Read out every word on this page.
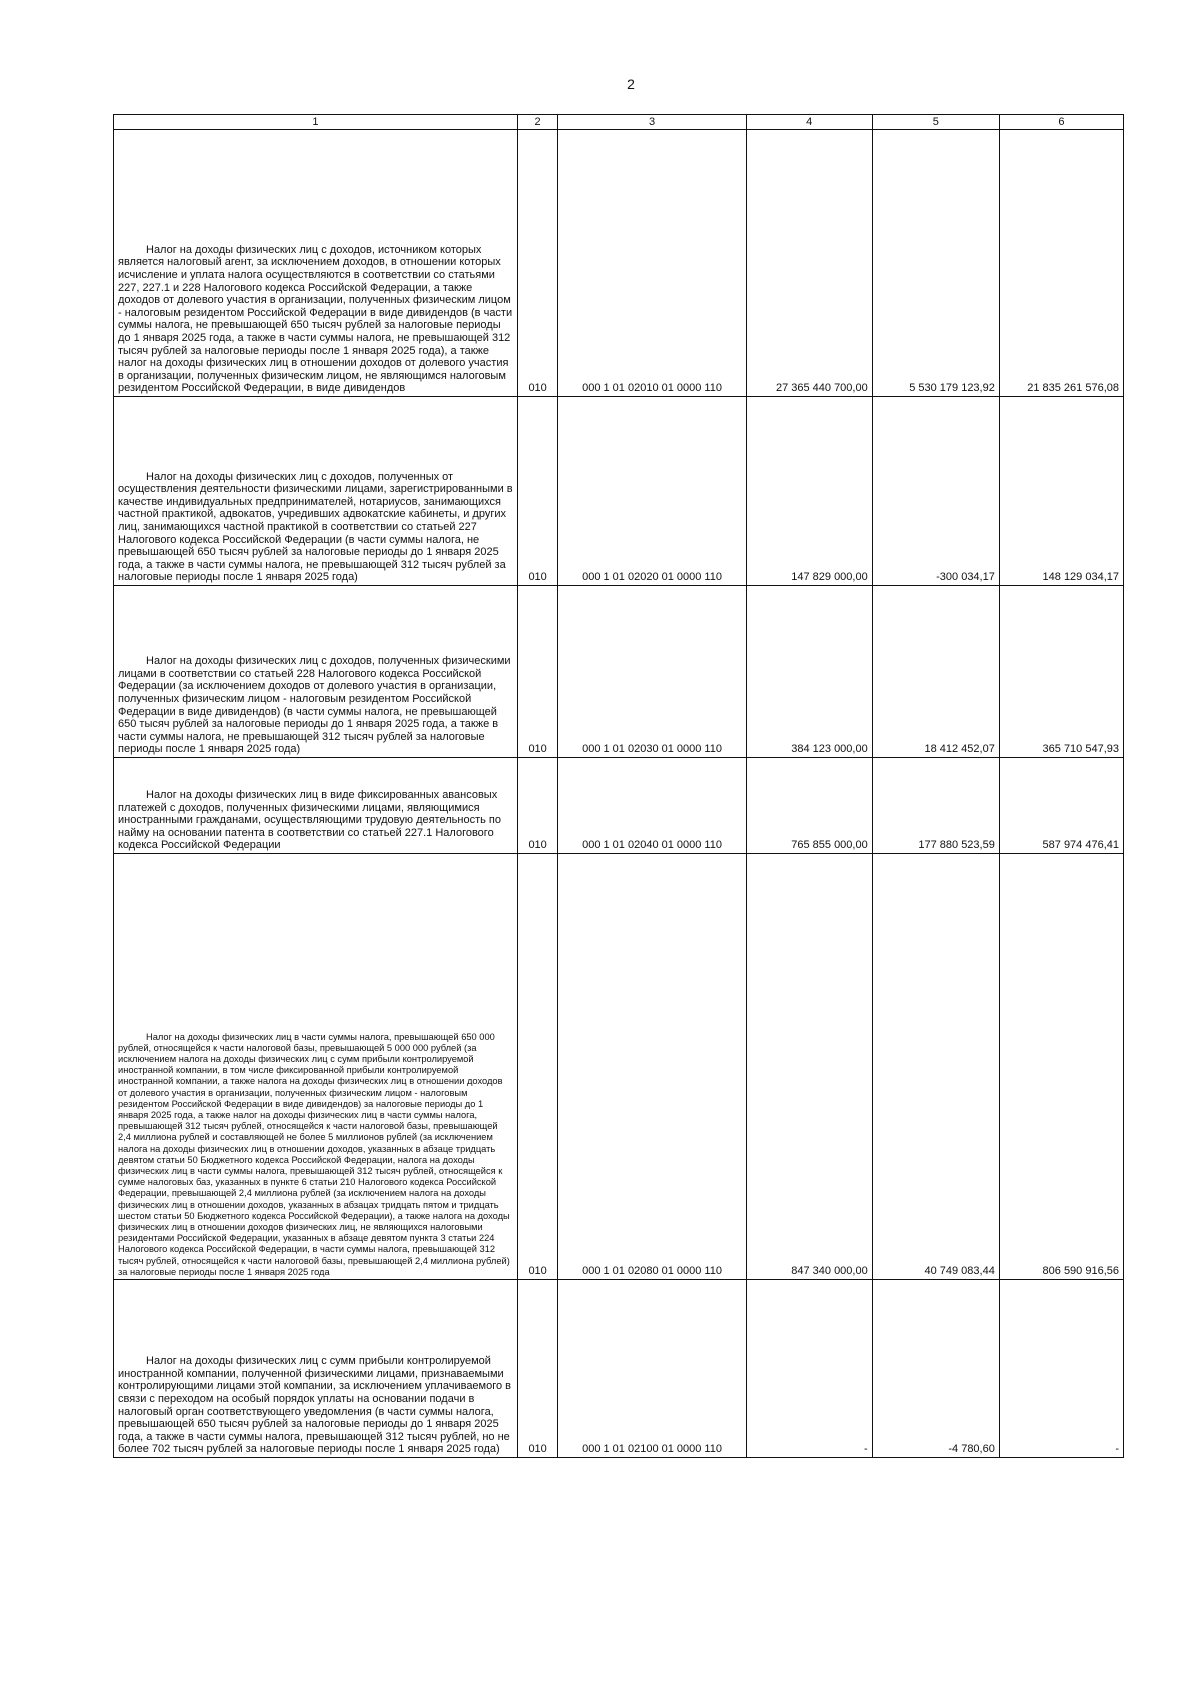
2
1	2	3	4	5	6
Налог на доходы физических лиц с доходов, источником которых является налоговый агент, за исключением доходов, в отношении которых исчисление и уплата налога осуществляются в соответствии со статьями 227, 227.1 и 228 Налогового кодекса Российской Федерации, а также доходов от долевого участия в организации, полученных физическим лицом - налоговым резидентом Российской Федерации в виде дивидендов (в части суммы налога, не превышающей 650 тысяч рублей за налоговые периоды до 1 января 2025 года, а также в части суммы налога, не превышающей 312 тысяч рублей за налоговые периоды после 1 января 2025 года), а также налог на доходы физических лиц в отношении доходов от долевого участия в организации, полученных физическим лицом, не являющимся налоговым резидентом Российской Федерации, в виде дивидендов	010	000 1 01 02010 01 0000 110	27 365 440 700,00	5 530 179 123,92	21 835 261 576,08
Налог на доходы физических лиц с доходов, полученных от осуществления деятельности физическими лицами, зарегистрированными в качестве индивидуальных предпринимателей, нотариусов, занимающихся частной практикой, адвокатов, учредивших адвокатские кабинеты, и других лиц, занимающихся частной практикой в соответствии со статьей 227 Налогового кодекса Российской Федерации (в части суммы налога, не превышающей 650 тысяч рублей за налоговые периоды до 1 января 2025 года, а также в части суммы налога, не превышающей 312 тысяч рублей за налоговые периоды после 1 января 2025 года)	010	000 1 01 02020 01 0000 110	147 829 000,00	-300 034,17	148 129 034,17
Налог на доходы физических лиц с доходов, полученных физическими лицами в соответствии со статьей 228 Налогового кодекса Российской Федерации (за исключением доходов от долевого участия в организации, полученных физическим лицом - налоговым резидентом Российской Федерации в виде дивидендов) (в части суммы налога, не превышающей 650 тысяч рублей за налоговые периоды до 1 января 2025 года, а также в части суммы налога, не превышающей 312 тысяч рублей за налоговые периоды после 1 января 2025 года)	010	000 1 01 02030 01 0000 110	384 123 000,00	18 412 452,07	365 710 547,93
Налог на доходы физических лиц в виде фиксированных авансовых платежей с доходов, полученных физическими лицами, являющимися иностранными гражданами, осуществляющими трудовую деятельность по найму на основании патента в соответствии со статьей 227.1 Налогового кодекса Российской Федерации	010	000 1 01 02040 01 0000 110	765 855 000,00	177 880 523,59	587 974 476,41
Налог на доходы физических лиц в части суммы налога, превышающей 650 000 рублей, относящейся к части налоговой базы, превышающей 5 000 000 рублей (за исключением налога на доходы физических лиц с сумм прибыли контролируемой иностранной компании, в том числе фиксированной прибыли контролируемой иностранной компании, а также налога на доходы физических лиц в отношении доходов от долевого участия в организации, полученных физическим лицом - налоговым резидентом Российской Федерации в виде дивидендов) за налоговые периоды до 1 января 2025 года, а также налог на доходы физических лиц в части суммы налога, превышающей 312 тысяч рублей, относящейся к части налоговой базы, превышающей 2,4 миллиона рублей и составляющей не более 5 миллионов рублей (за исключением налога на доходы физических лиц в отношении доходов, указанных в абзаце тридцать девятом статьи 50 Бюджетного кодекса Российской Федерации, налога на доходы физических лиц в части суммы налога, превышающей 312 тысяч рублей, относящейся к сумме налоговых баз, указанных в пункте 6 статьи 210 Налогового кодекса Российской Федерации, превышающей 2,4 миллиона рублей (за исключением налога на доходы физических лиц в отношении доходов, указанных в абзацах тридцать пятом и тридцать шестом статьи 50 Бюджетного кодекса Российской Федерации), а также налога на доходы физических лиц в отношении доходов физических лиц, не являющихся налоговыми резидентами Российской Федерации, указанных в абзаце девятом пункта 3 статьи 224 Налогового кодекса Российской Федерации, в части суммы налога, превышающей 312 тысяч рублей, относящейся к части налоговой базы, превышающей 2,4 миллиона рублей) за налоговые периоды после 1 января 2025 года	010	000 1 01 02080 01 0000 110	847 340 000,00	40 749 083,44	806 590 916,56
Налог на доходы физических лиц с сумм прибыли контролируемой иностранной компании, полученной физическими лицами, признаваемыми контролирующими лицами этой компании, за исключением уплачиваемого в связи с переходом на особый порядок уплаты на основании подачи в налоговый орган соответствующего уведомления (в части суммы налога, превышающей 650 тысяч рублей за налоговые периоды до 1 января 2025 года, а также в части суммы налога, превышающей 312 тысяч рублей, но не более 702 тысяч рублей за налоговые периоды после 1 января 2025 года)	010	000 1 01 02100 01 0000 110	-	-4 780,60	-
